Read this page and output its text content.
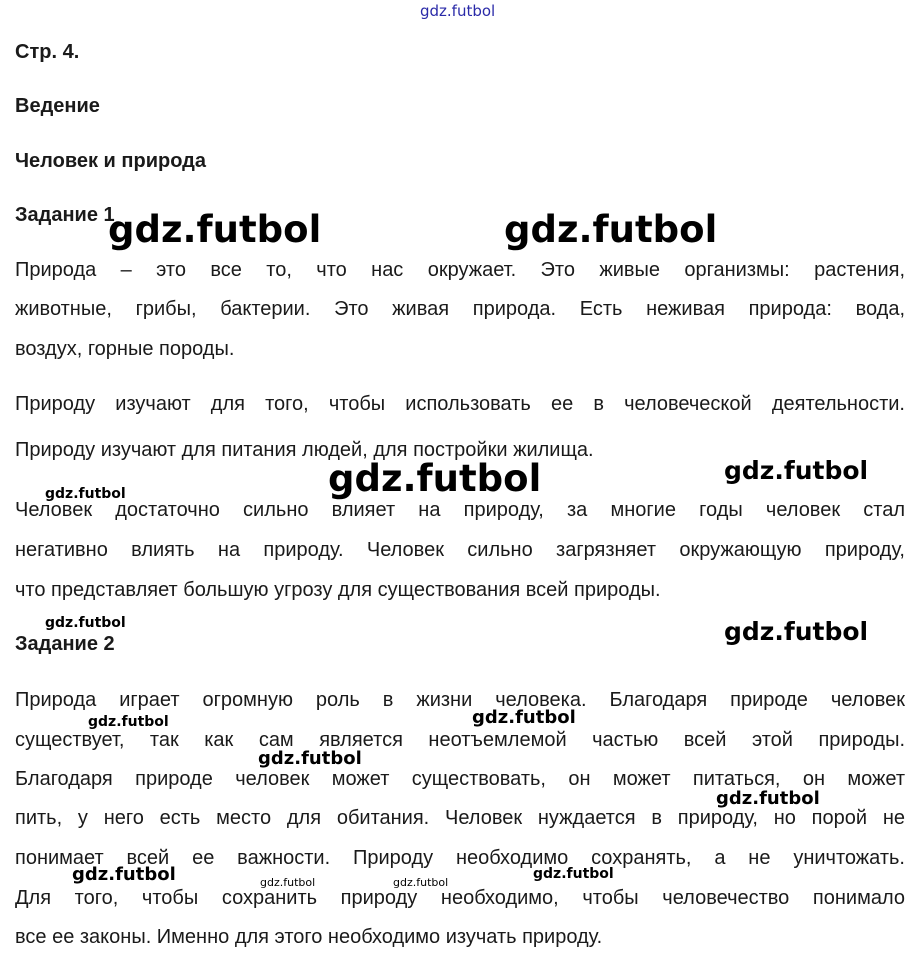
gdz.futbol
Стр. 4.
Ведение
Человек и природа
Задание 1
Природа – это все то, что нас окружает. Это живые организмы: растения,
животные, грибы, бактерии. Это живая природа. Есть неживая природа: вода,
воздух, горные породы.
Природу изучают для того, чтобы использовать ее в человеческой деятельности.
Природу изучают для питания людей, для постройки жилища.
Человек достаточно сильно влияет на природу, за многие годы человек стал
негативно влиять на природу. Человек сильно загрязняет окружающую природу,
что представляет большую угрозу для существования всей природы.
Задание 2
Природа играет огромную роль в жизни человека. Благодаря природе человек
существует, так как сам является неотъемлемой частью всей этой природы.
Благодаря природе человек может существовать, он может питаться, он может
пить, у него есть место для обитания. Человек нуждается в природу, но порой не
понимает всей ее важности. Природу необходимо сохранять, а не уничтожать.
Для того, чтобы сохранить природу необходимо, чтобы человечество понимало
все ее законы. Именно для этого необходимо изучать природу.
gdz.futbol	gdz.futbol
gdz.futbol	gdz.futbol
gdz.futbol
gdz.futbol	gdz.futbol
gdz.futbol	gdz.futbol
gdz.futbol
gdz.futbol
gdz.futbol	gdz.futbol	gdz.futbol
gdz.futbol
